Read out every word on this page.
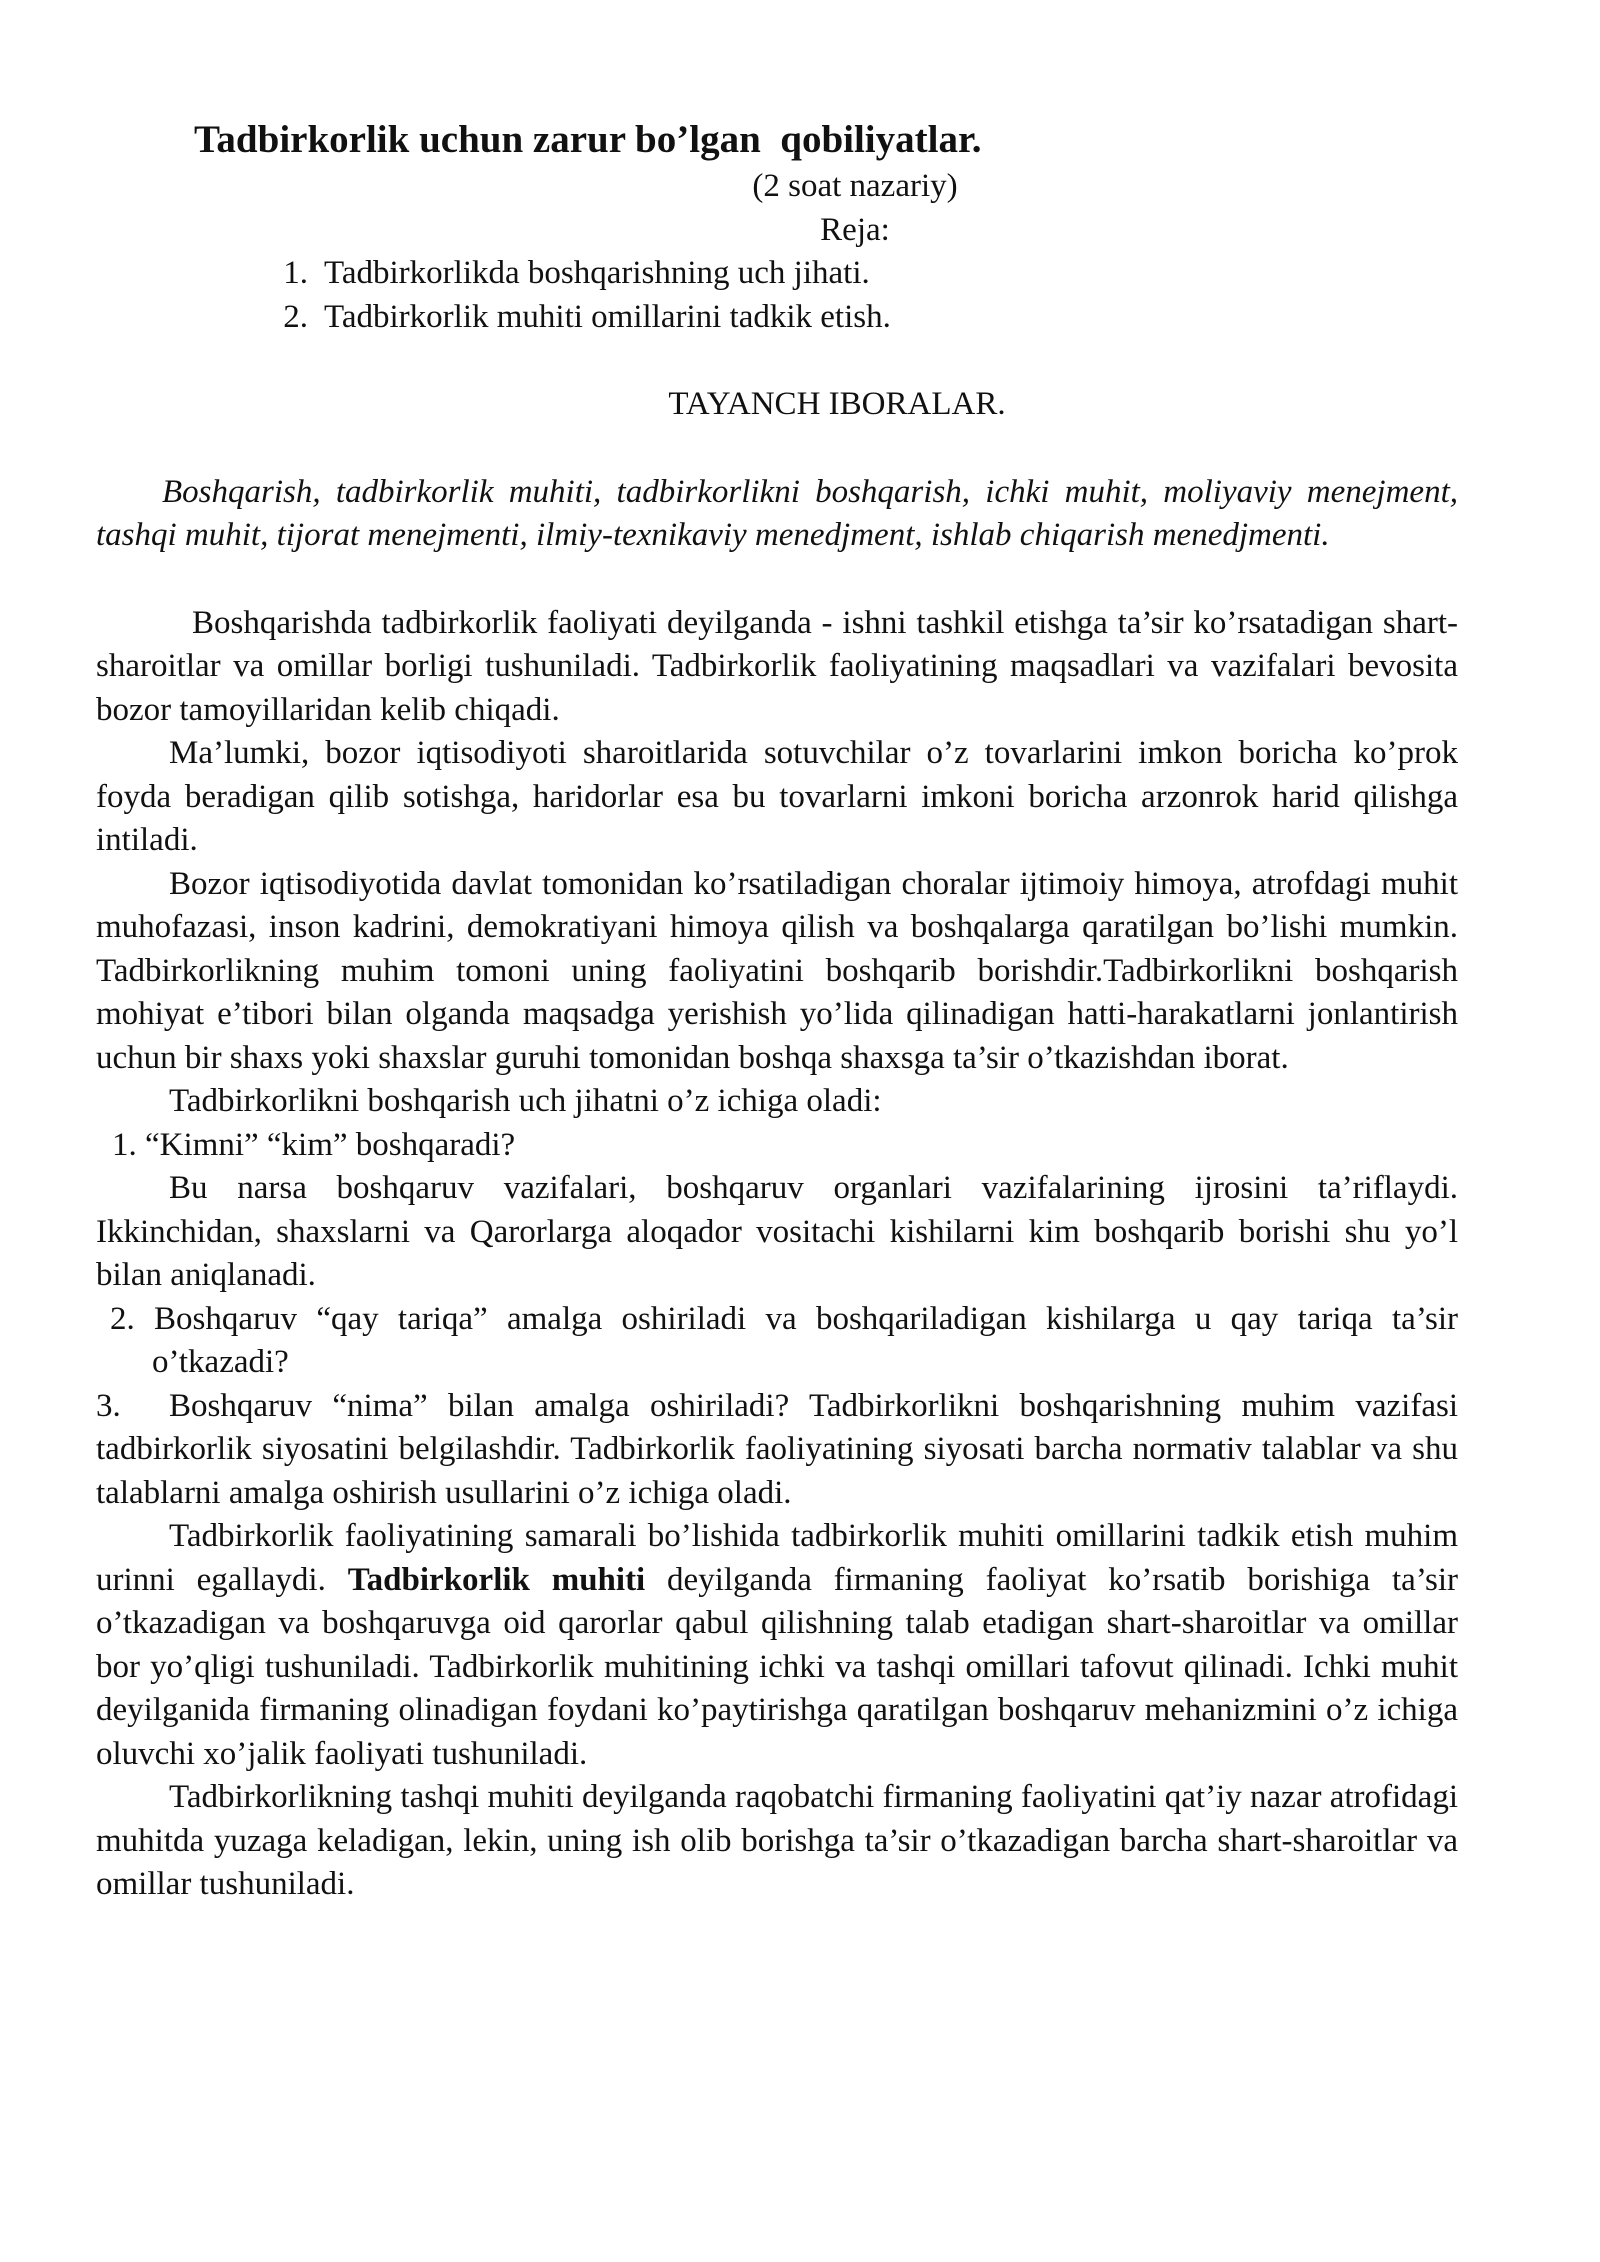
Tadbirkorlik uchun zarur bo’lgan  qobiliyatlar.

(2 soat nazariy)

Reja:

1. Tadbirkorlikda boshqarishning uch jihati.
2. Tadbirkorlik muhiti omillarini tadkik etish.

TAYANCH IBORALAR.

Boshqarish, tadbirkorlik muhiti, tadbirkorlikni boshqarish, ichki muhit, moliyaviy menejment, tashqi muhit, tijorat menejmenti, ilmiy-texnikaviy menedjment, ishlab chiqarish menedjmenti.

Boshqarishda tadbirkorlik faoliyati deyilganda - ishni tashkil etishga ta’sir ko’rsatadigan shart-sharoitlar va omillar borligi tushuniladi. Tadbirkorlik faoliyatining maqsadlari va vazifalari bevosita bozor tamoyillaridan kelib chiqadi.

Ma’lumki, bozor iqtisodiyoti sharoitlarida sotuvchilar o’z tovarlarini imkon boricha ko’prok foyda beradigan qilib sotishga, haridorlar esa bu tovarlarni imkoni boricha arzonrok harid qilishga intiladi.

Bozor iqtisodiyotida davlat tomonidan ko’rsatiladigan choralar ijtimoiy himoya, atrofdagi muhit muhofazasi, inson kadrini, demokratiyani himoya qilish va boshqalarga qaratilgan bo’lishi mumkin. Tadbirkorlikning muhim tomoni uning faoliyatini boshqarib borishdir.Tadbirkorlikni boshqarish mohiyat e’tibori bilan olganda maqsadga yerishish yo’lida qilinadigan hatti-harakatlarni jonlantirish uchun bir shaxs yoki shaxslar guruhi tomonidan boshqa shaxsga ta’sir o’tkazishdan iborat.

Tadbirkorlikni boshqarish uch jihatni o’z ichiga oladi:

1. “Kimni” “kim” boshqaradi?

Bu narsa boshqaruv vazifalari, boshqaruv organlari vazifalarining ijrosini ta’riflaydi. Ikkinchidan, shaxslarni va Qarorlarga aloqador vositachi kishilarni kim boshqarib borishi shu yo’l bilan aniqlanadi.

2. Boshqaruv “qay tariqa” amalga oshiriladi va boshqariladigan kishilarga u qay tariqa ta’sir o’tkazadi?

3. Boshqaruv “nima” bilan amalga oshiriladi? Tadbirkorlikni boshqarishning muhim vazifasi tadbirkorlik siyosatini belgilashdir. Tadbirkorlik faoliyatining siyosati barcha normativ talablar va shu talablarni amalga oshirish usullarini o’z ichiga oladi.

Tadbirkorlik faoliyatining samarali bo’lishida tadbirkorlik muhiti omillarini tadkik etish muhim urinni egallaydi. Tadbirkorlik muhiti deyilganda firmaning faoliyat ko’rsatib borishiga ta’sir o’tkazadigan va boshqaruvga oid qarorlar qabul qilishning talab etadigan shart-sharoitlar va omillar bor yo’qligi tushuniladi. Tadbirkorlik muhitining ichki va tashqi omillari tafovut qilinadi. Ichki muhit deyilganida firmaning olinadigan foydani ko’paytirishga qaratilgan boshqaruv mehanizmini o’z ichiga oluvchi xo’jalik faoliyati tushuniladi.

Tadbirkorlikning tashqi muhiti deyilganda raqobatchi firmaning faoliyatini qat’iy nazar atrofidagi muhitda yuzaga keladigan, lekin, uning ish olib borishga ta’sir o’tkazadigan barcha shart-sharoitlar va omillar tushuniladi.
